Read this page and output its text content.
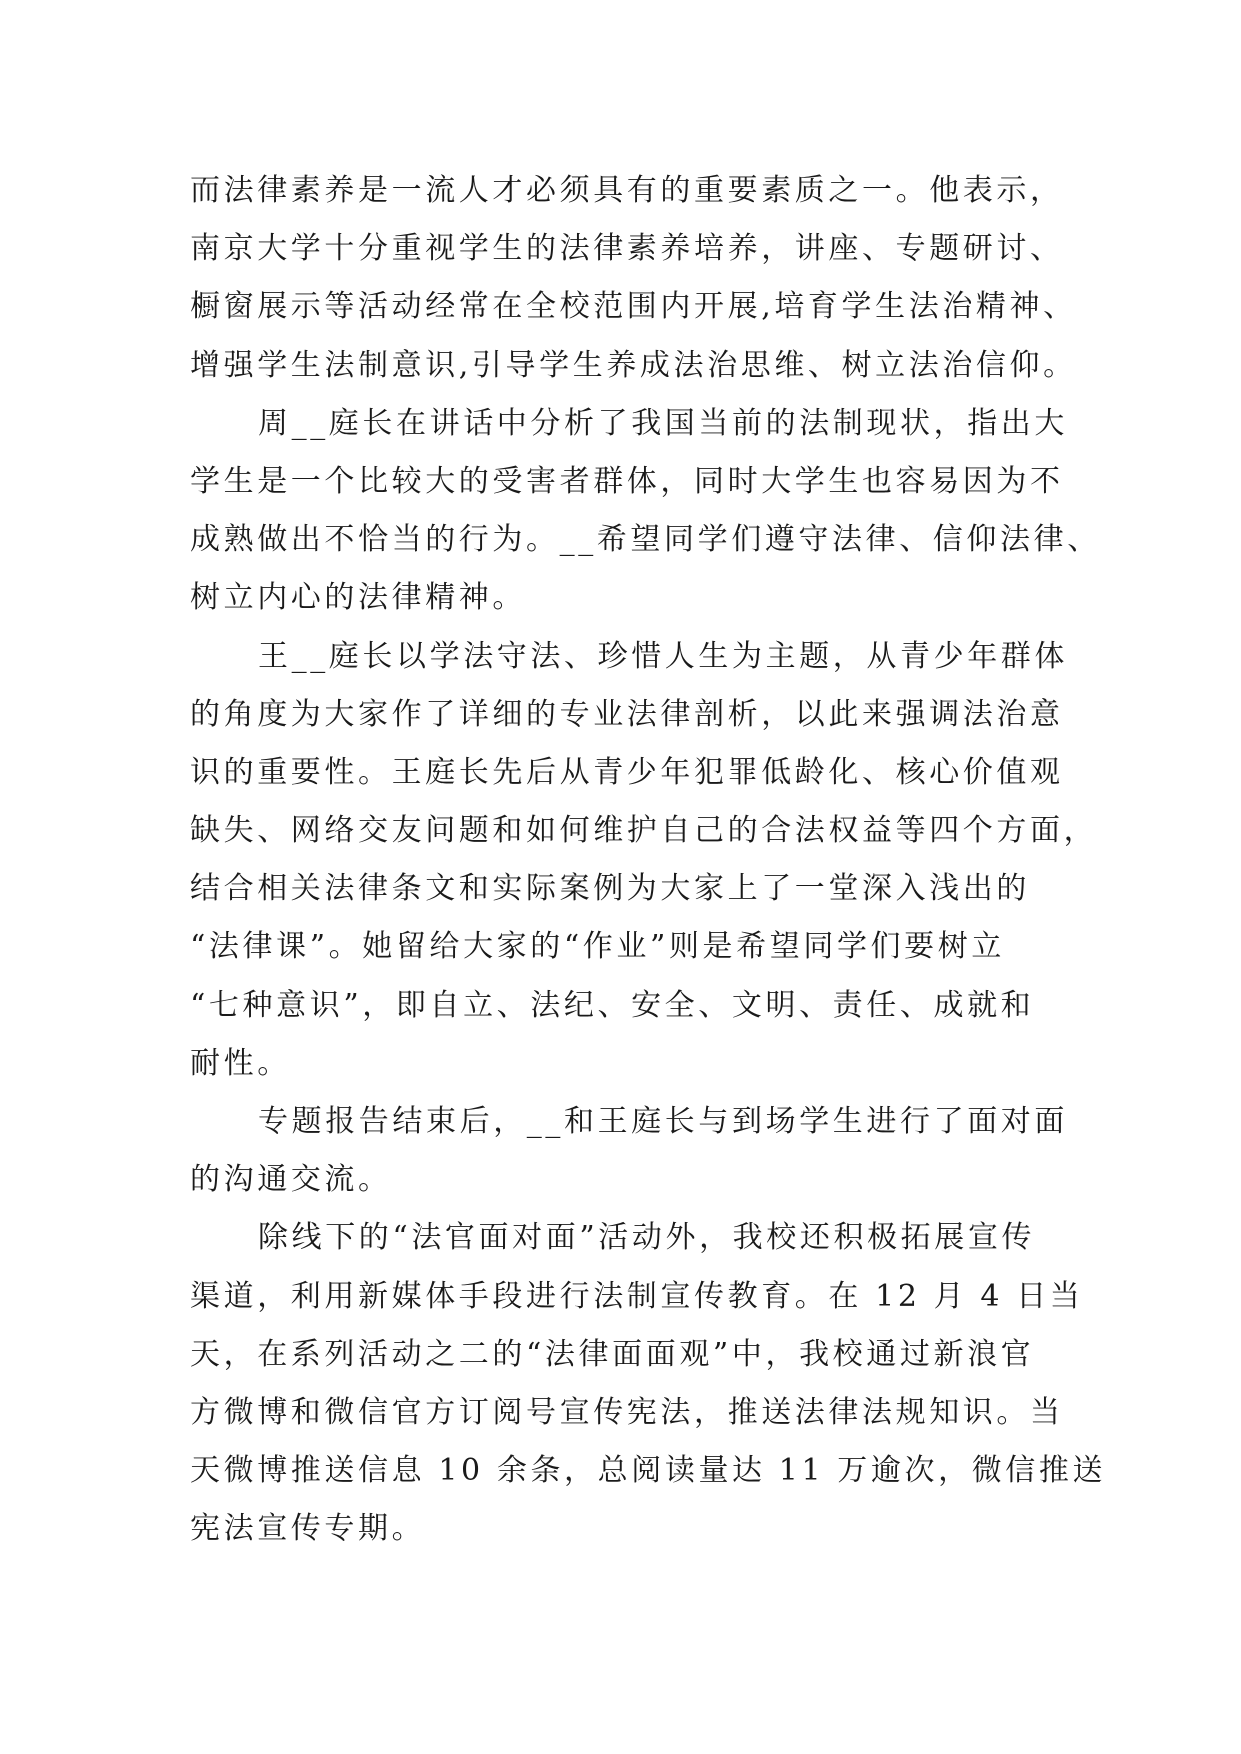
而法律素养是一流人才必须具有的重要素质之一。他表示，
南京大学十分重视学生的法律素养培养，讲座、专题研讨、
橱窗展示等活动经常在全校范围内开展,培育学生法治精神、
增强学生法制意识,引导学生养成法治思维、树立法治信仰。
周__庭长在讲话中分析了我国当前的法制现状，指出大
学生是一个比较大的受害者群体，同时大学生也容易因为不
成熟做出不恰当的行为。__希望同学们遵守法律、信仰法律、
树立内心的法律精神。
王__庭长以学法守法、珍惜人生为主题，从青少年群体
的角度为大家作了详细的专业法律剖析，以此来强调法治意
识的重要性。王庭长先后从青少年犯罪低龄化、核心价值观
缺失、网络交友问题和如何维护自己的合法权益等四个方面，
结合相关法律条文和实际案例为大家上了一堂深入浅出的
“法律课”。她留给大家的“作业”则是希望同学们要树立
“七种意识”，即自立、法纪、安全、文明、责任、成就和
耐性。
专题报告结束后，__和王庭长与到场学生进行了面对面
的沟通交流。
除线下的“法官面对面”活动外，我校还积极拓展宣传
渠道，利用新媒体手段进行法制宣传教育。在 12 月 4 日当
天，在系列活动之二的“法律面面观”中，我校通过新浪官
方微博和微信官方订阅号宣传宪法，推送法律法规知识。当
天微博推送信息 10 余条，总阅读量达 11 万逾次，微信推送
宪法宣传专期。
